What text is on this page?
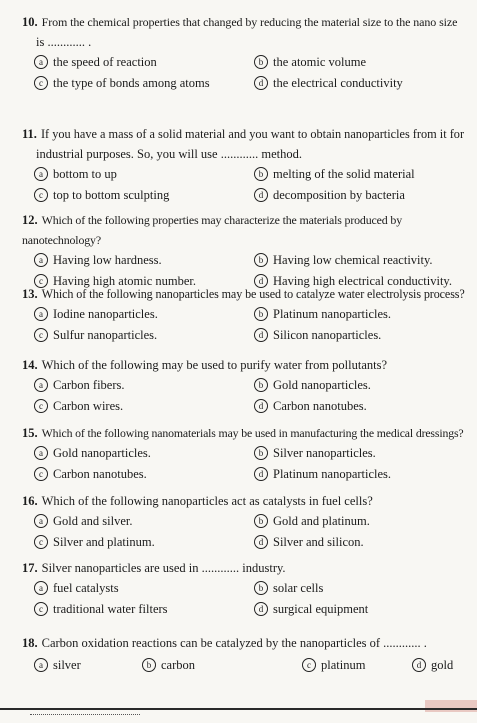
10. From the chemical properties that changed by reducing the material size to the nano size
is ............ .
a the speed of reaction	b the atomic volume
c the type of bonds among atoms	d the electrical conductivity
11. If you have a mass of a solid material and you want to obtain nanoparticles from it for
industrial purposes. So, you will use ............ method.
a bottom to up	b melting of the solid material
c top to bottom sculpting	d decomposition by bacteria
12. Which of the following properties may characterize the materials produced by nanotechnology?
a Having low hardness.	b Having low chemical reactivity.
c Having high atomic number.	d Having high electrical conductivity.
13. Which of the following nanoparticles may be used to catalyze water electrolysis process?
a Iodine nanoparticles.	b Platinum nanoparticles.
c Sulfur nanoparticles.	d Silicon nanoparticles.
14. Which of the following may be used to purify water from pollutants?
a Carbon fibers.	b Gold nanoparticles.
c Carbon wires.	d Carbon nanotubes.
15. Which of the following nanomaterials may be used in manufacturing the medical dressings?
a Gold nanoparticles.	b Silver nanoparticles.
c Carbon nanotubes.	d Platinum nanoparticles.
16. Which of the following nanoparticles act as catalysts in fuel cells?
a Gold and silver.	b Gold and platinum.
c Silver and platinum.	d Silver and silicon.
17. Silver nanoparticles are used in ............ industry.
a fuel catalysts	b solar cells
c traditional water filters	d surgical equipment
18. Carbon oxidation reactions can be catalyzed by the nanoparticles of ............ .
a silver	b carbon	c platinum	d gold
